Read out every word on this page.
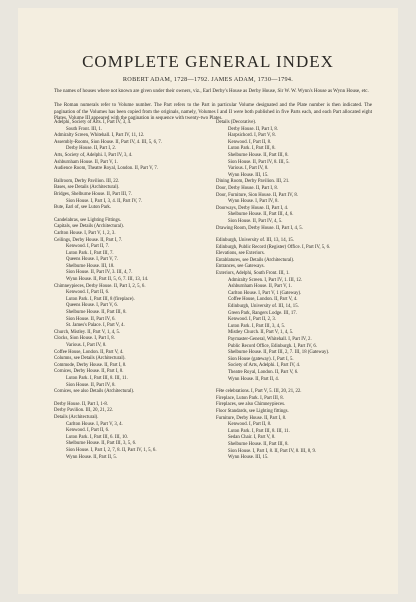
COMPLETE GENERAL INDEX
ROBERT ADAM, 1728—1792. JAMES ADAM, 1730—1794.
The names of houses where not known are given under their owners, viz., Earl Derby's House as Derby House, Sir W. W. Wynn's House as Wynn House, etc.
The Roman numerals refer to Volume number. The Part refers to the Part in particular Volume designated and the Plate number is then indicated. The pagination of the Volumes has been copied from the originals, namely, Volumes I and II were both published in five Parts each, and each Part allocated eight Plates. Volume III appeared with the pagination in sequence with twenty-two Plates.
Adelphi, Society of Arts. I, Part IV, 3, 4.
South Front. III, 1.
Admiralty Screen, Whitehall. I, Part IV, 11, 12.
Assembly-Rooms, Sion House. II, Part IV, 4. III, 5, 6, 7.
Derby House. II, Part I, 2.
Arts, Society of, Adelphi. I, Part IV, 3, 4.
Ashburnham House. II, Part V, 1.
Audience Room, Theatre Royal, London. II, Part V, 7.
Ballroom, Derby Pavilion. III, 22.
Bases, see Details (Architectural).
Bridges, Shelburne House. II, Part III, 7.
Sion House. I, Part I, 3, 4. II, Part IV, 7.
Bute, Earl of, see Luton Park.
Candelabras, see Lighting Fittings.
Capitals, see Details (Architectural).
Carlton House. I, Part V, 1, 2, 3.
Ceilings, Derby House. II, Part I, 7.
Kenwood. I, Part II, 7.
Luton Park. I, Part III, 7.
Queens House. I, Part V, 7.
Shelburne House. III, 18.
Sion House. II, Part IV, 3. III, 4, 7.
Wynn House. II, Part II, 5, 6, 7. III, 13, 14.
Chimneypieces, Derby House. II, Part I, 2, 5, 6.
Kenwood. I, Part II, 6.
Luton Park. I, Part III, 8 (fireplace).
Queens House. I, Part V, 6.
Shelburne House. II, Part III, 8.
Sion House. II, Part IV, 6.
St. James's Palace. I, Part V, 4.
Church, Mistley. II, Part V, 1, 4, 5.
Clocks, Sion House. I, Part I, 8.
Various. I, Part IV, 8.
Coffee House, London. II, Part V, 4.
Columns, see Details (Architectural).
Commode, Derby House. II, Part I, 8.
Cornices, Derby House. II, Part I, 8.
Luton Park. I, Part III, 8. III, 11.
Sion House. II, Part IV, 8.
Cornices, see also Details (Architectural).
Derby House. II, Part I, 1-8.
Derby Pavilion. III, 20, 21, 22.
Details (Architectural).
Carlton House. I, Part V, 3, 4.
Kenwood. I, Part II, 6.
Luton Park. I, Part III, 6. III, 10.
Shelburne House. II, Part III, 3, 5, 6.
Sion House. I, Part I, 2, 7, 8. II, Part IV, 1, 5, 6.
Wynn House. II, Part II, 5.
Details (Decorative).
Derby House. II, Part I, 8.
Harpsichord. I, Part V, 8.
Kenwood. I, Part II, 8.
Luton Park. I, Part III, 8.
Shelburne House. II, Part III, 8.
Sion House. II, Part IV, 8. III, 5.
Various. I, Part IV, 8.
Wynn House. III, 15.
Dining Room, Derby Pavilion. III, 21.
Door, Derby House. II, Part I, 8.
Door, Furniture, Sion House. II, Part IV, 8.
Wynn House. I, Part IV, 8.
Doorways, Derby House. II, Part I, 4.
Shelburne House. II, Part III, 4, 6.
Sion House. II, Part IV, 4, 5.
Drawing Room, Derby House. II, Part I, 4, 5.
Edinburgh, University of. III, 13, 14, 15.
Edinburgh, Public Record (Register) Office. I, Part IV, 5, 6.
Elevations, see Exteriors.
Entablatures, see Details (Architectural).
Entrances, see Gateways.
Exteriors, Adelphi, South Front. III, 1.
Admiralty Screen. I, Part IV, 1. III, 12.
Ashburnham House. II, Part V, 1.
Carlton House. I, Part V, 1 (Gateway).
Coffee House, London. II, Part V, 4.
Edinburgh, University of. III, 14, 15.
Green Park, Rangers Lodge. III, 17.
Kenwood. I, Part II, 2, 3.
Luton Park. I, Part III, 3, 4, 5.
Mistley Church. II, Part V, 1, 4, 5.
Paymaster-General, Whitehall. I, Part IV, 2.
Public Record Office, Edinburgh. I, Part IV, 6.
Shelburne House. II, Part III, 2, 7. III, 18 (Gateway).
Sion House (gateway). I, Part I, 5.
Society of Arts, Adelphi. I, Part IV, 4.
Theatre Royal, London. II, Part V, 6.
Wynn House. II, Part II, 4.
Fête celebrations. I, Part V, 5. III, 20, 21, 22.
Fireplace, Luton Park. I, Part III, 8.
Fireplaces, see also Chimneypieces.
Floor Standards, see Lighting fittings.
Furniture, Derby House. II, Part I, 8.
Kenwood. I, Part II, 8.
Luton Park. I, Part III, 8. III, 11.
Sedan Chair. I, Part V, 8.
Shelburne House. II, Part III, 8.
Sion House. I, Part I, 8. II, Part IV, 8. III, 8, 9.
Wynn House. III, 15.
